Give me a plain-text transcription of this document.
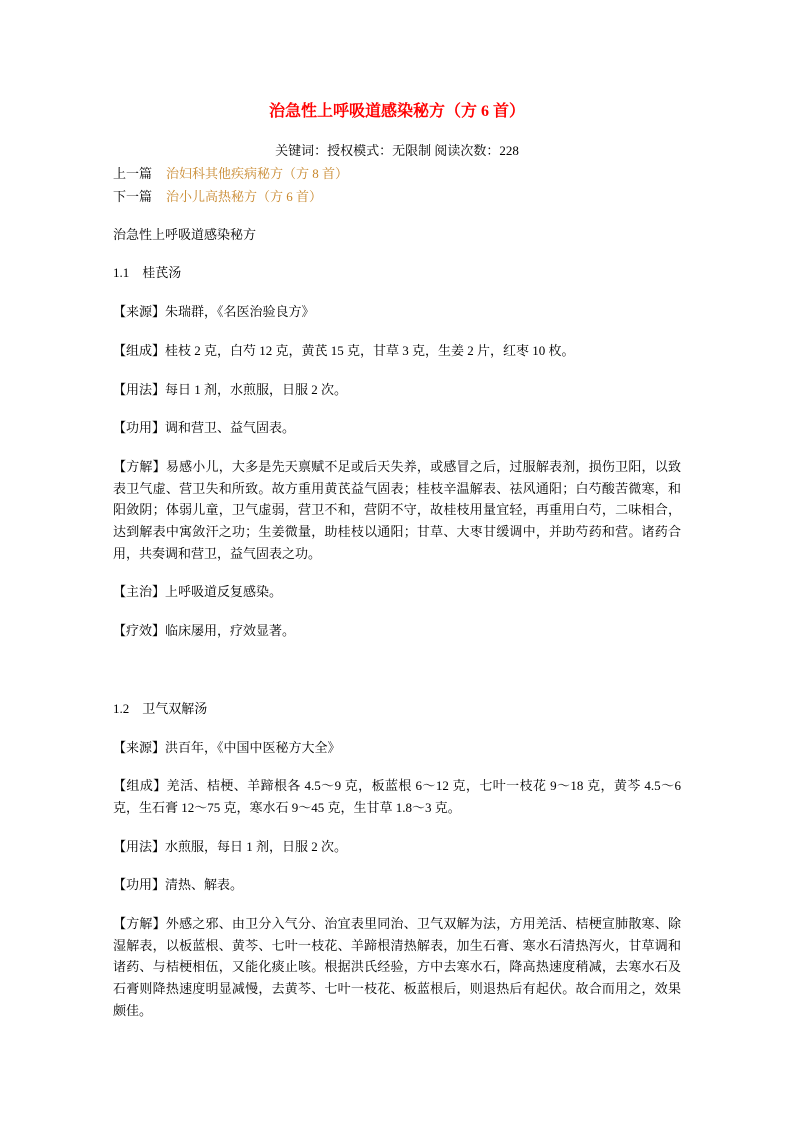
治急性上呼吸道感染秘方（方 6 首）

关键词：授权模式：无限制 阅读次数：228

上一篇 治妇科其他疾病秘方（方 8 首）
下一篇 治小儿高热秘方（方 6 首）

治急性上呼吸道感染秘方

1.1　桂芪汤

【来源】朱瑞群，《名医治验良方》

【组成】桂枝 2 克，白芍 12 克，黄芪 15 克，甘草 3 克，生姜 2 片，红枣 10 枚。

【用法】每日 1 剂，水煎服，日服 2 次。

【功用】调和营卫、益气固表。

【方解】易感小儿，大多是先天禀赋不足或后天失养，或感冒之后，过服解表剂，损伤卫阳，以致表卫气虚、营卫失和所致。故方重用黄芪益气固表；桂枝辛温解表、祛风通阳；白芍酸苦微寒，和阳敛阴；体弱儿童，卫气虚弱，营卫不和，营阴不守，故桂枝用量宜轻，再重用白芍，二味相合，达到解表中寓敛汗之功；生姜微量，助桂枝以通阳；甘草、大枣甘缓调中，并助芍药和营。诸药合用，共奏调和营卫，益气固表之功。

【主治】上呼吸道反复感染。

【疗效】临床屡用，疗效显著。

1.2　卫气双解汤

【来源】洪百年，《中国中医秘方大全》

【组成】羌活、桔梗、羊蹄根各 4.5～9 克，板蓝根 6～12 克，七叶一枝花 9～18 克，黄芩 4.5～6 克，生石膏 12～75 克，寒水石 9～45 克，生甘草 1.8～3 克。

【用法】水煎服，每日 1 剂，日服 2 次。

【功用】清热、解表。

【方解】外感之邪、由卫分入气分、治宜表里同治、卫气双解为法，方用羌活、桔梗宣肺散寒、除湿解表，以板蓝根、黄芩、七叶一枝花、羊蹄根清热解表，加生石膏、寒水石清热泻火，甘草调和诸药、与桔梗相伍，又能化痰止咳。根据洪氏经验，方中去寒水石，降高热速度稍减，去寒水石及石膏则降热速度明显减慢，去黄芩、七叶一枝花、板蓝根后，则退热后有起伏。故合而用之，效果颇佳。
